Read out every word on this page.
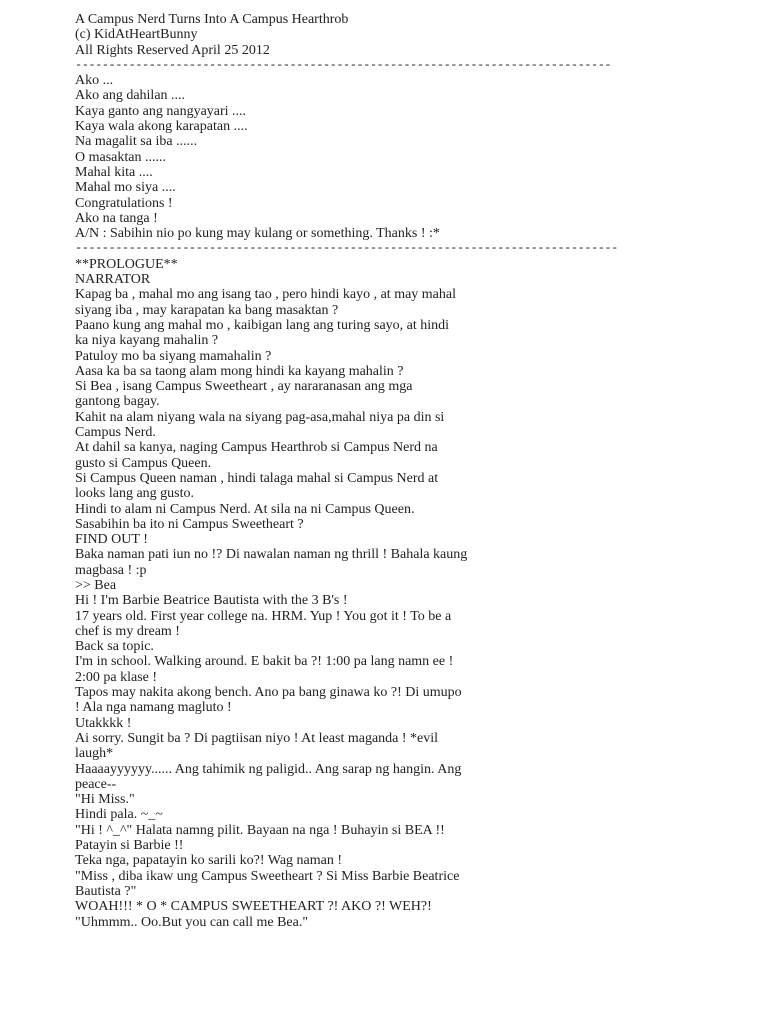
A Campus Nerd Turns Into A Campus Hearthrob
(c) KidAtHeartBunny
All Rights Reserved April 25 2012
--------------------------------------------------------------------------------
Ako ...
Ako ang dahilan ....
Kaya ganto ang nangyayari ....
Kaya wala akong karapatan ....
Na magalit sa iba ......
O masaktan ......
Mahal kita ....
Mahal mo siya ....
Congratulations !
Ako na tanga !
A/N : Sabihin nio po kung may kulang or something. Thanks ! :*
---------------------------------------------------------------------------------
**PROLOGUE**
NARRATOR
Kapag ba , mahal mo ang isang tao , pero hindi kayo , at may mahal
siyang iba , may karapatan ka bang masaktan ?
Paano kung ang mahal mo , kaibigan lang ang turing sayo, at hindi
ka niya kayang mahalin ?
Patuloy mo ba siyang mamahalin ?
Aasa ka ba sa taong alam mong hindi ka kayang mahalin ?
Si Bea , isang Campus Sweetheart , ay nararanasan ang mga
gantong bagay.
Kahit na alam niyang wala na siyang pag-asa,mahal niya pa din si
Campus Nerd.
At dahil sa kanya, naging Campus Hearthrob si Campus Nerd na
gusto si Campus Queen.
Si Campus Queen naman , hindi talaga mahal si Campus Nerd at
looks lang ang gusto.
Hindi to alam ni Campus Nerd. At sila na ni Campus Queen.
Sasabihin ba ito ni Campus Sweetheart ?
FIND OUT !
Baka naman pati iun no !? Di nawalan naman ng thrill ! Bahala kaung
magbasa ! :p
>> Bea
Hi ! I'm Barbie Beatrice Bautista with the 3 B's !
17 years old. First year college na. HRM. Yup ! You got it ! To be a
chef is my dream !
Back sa topic.
I'm in school. Walking around. E bakit ba ?! 1:00 pa lang namn ee !
2:00 pa klase !
Tapos may nakita akong bench. Ano pa bang ginawa ko ?! Di umupo
! Ala nga namang magluto !
Utakkkk !
Ai sorry. Sungit ba ? Di pagtiisan niyo ! At least maganda ! *evil
laugh*
Haaaayyyyyy...... Ang tahimik ng paligid.. Ang sarap ng hangin. Ang
peace--
"Hi Miss."
Hindi pala. ~_~
"Hi ! ^_^" Halata namng pilit. Bayaan na nga ! Buhayin si BEA !!
Patayin si Barbie !!
Teka nga, papatayin ko sarili ko?! Wag naman !
"Miss , diba ikaw ung Campus Sweetheart ? Si Miss Barbie Beatrice
Bautista ?"
WOAH!!! * O * CAMPUS SWEETHEART ?! AKO ?! WEH?!
"Uhmmm.. Oo.But you can call me Bea."
